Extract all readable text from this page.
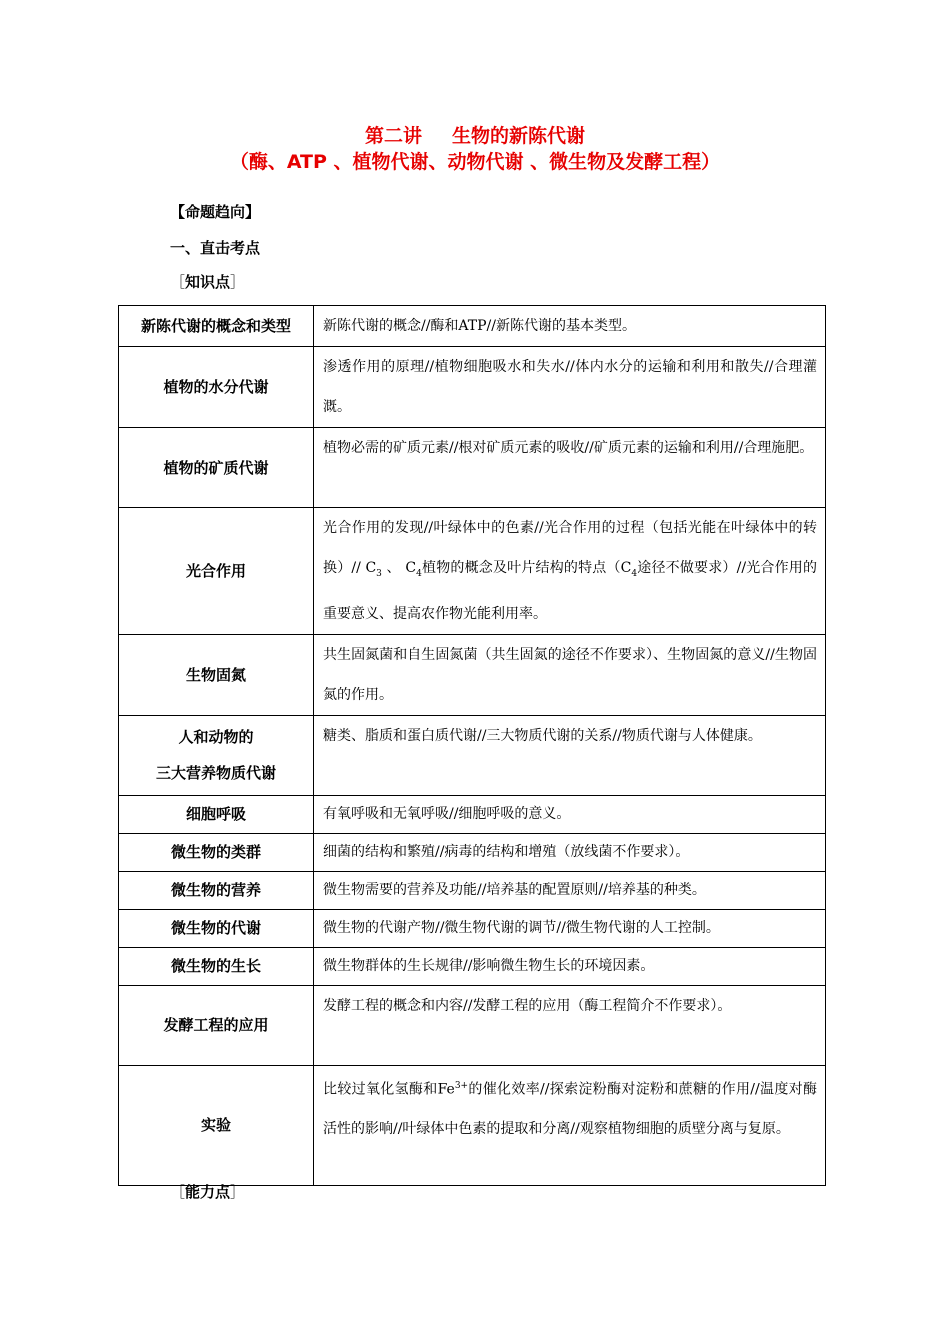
第二讲 生物的新陈代谢
（酶、ATP 、植物代谢、动物代谢 、微生物及发酵工程）
【命题趋向】
一、直击考点
［知识点］
新陈代谢的概念和类型	新陈代谢的概念//酶和ATP//新陈代谢的基本类型。
植物的水分代谢	渗透作用的原理//植物细胞吸水和失水//体内水分的运输和利用和散失//合理灌溉。
植物的矿质代谢	植物必需的矿质元素//根对矿质元素的吸收//矿质元素的运输和利用//合理施肥。
光合作用	光合作用的发现//叶绿体中的色素//光合作用的过程（包括光能在叶绿体中的转换）// $C_3$ 、 $C_4$植物的概念及叶片结构的特点（$C_4$途径不做要求）//光合作用的重要意义、提高农作物光能利用率。
生物固氮	共生固氮菌和自生固氮菌（共生固氮的途径不作要求）、生物固氮的意义//生物固氮的作用。

人和动物的
三大营养物质代谢	糖类、脂质和蛋白质代谢//三大物质代谢的关系//物质代谢与人体健康。
细胞呼吸	有氧呼吸和无氧呼吸//细胞呼吸的意义。
微生物的类群	细菌的结构和繁殖//病毒的结构和增殖（放线菌不作要求）。
微生物的营养	微生物需要的营养及功能//培养基的配置原则//培养基的种类。
微生物的代谢	微生物的代谢产物//微生物代谢的调节//微生物代谢的人工控制。
微生物的生长	微生物群体的生长规律//影响微生物生长的环境因素。
发酵工程的应用	发酵工程的概念和内容//发酵工程的应用（酶工程简介不作要求）。
实验	比较过氧化氢酶和$Fe^{3+}$的催化效率//探索淀粉酶对淀粉和蔗糖的作用//温度对酶活性的影响//叶绿体中色素的提取和分离//观察植物细胞的质壁分离与复原。
［能力点］
